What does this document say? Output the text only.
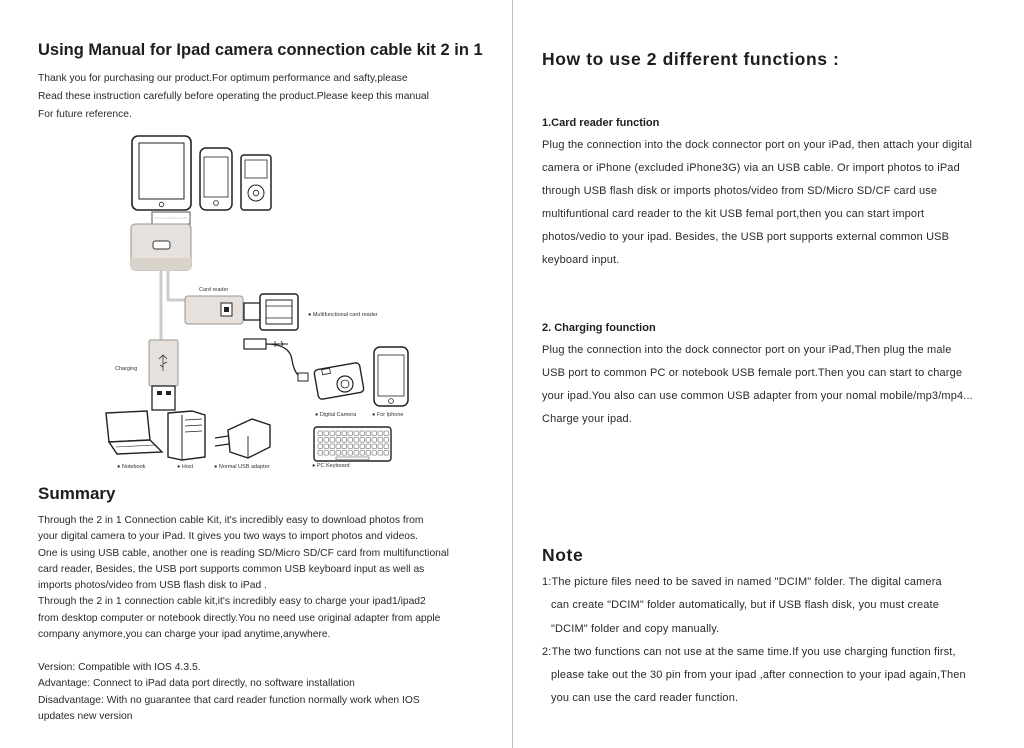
Using Manual for Ipad camera connection cable kit 2 in 1

Thank you for purchasing our product.For optimum performance and safty,please

Read these instruction carefully before operating the product.Please keep this manual

For future reference.

Card reader
● Multifunctional card reader
● Digital Camera	● For Iphone
Charging
● Notebook	● Host	● Normal USB adapter	● PC Keyboard
Summary

Through the 2 in 1 Connection cable Kit, it's incredibly easy to download photos from

your digital camera to your iPad. It gives you two ways to import photos and videos.

One is using USB cable, another one is reading SD/Micro SD/CF card from multifunctional

card reader, Besides, the USB port supports common USB keyboard input as well as

imports photos/video from USB flash disk to iPad .

Through the 2 in 1 connection cable kit,it's incredibly easy to charge your ipad1/ipad2

from desktop computer or notebook directly.You no need use original adapter from apple

company anymore,you can charge your ipad anytime,anywhere.

Version: Compatible with IOS 4.3.5.

Advantage: Connect to iPad data port directly, no software installation

Disadvantage: With no guarantee that card reader function normally work when IOS

updates new version

How to use 2 different functions :

1.Card reader function

Plug the connection into the dock connector port on your iPad, then attach your digital

camera or iPhone (excluded iPhone3G) via an USB cable. Or import photos to iPad

through USB flash disk or imports photos/video from SD/Micro SD/CF card use

multifuntional card reader to the kit USB femal port,then you can start import

photos/vedio to your ipad. Besides, the USB port supports external common USB

keyboard input.

2. Charging founction

Plug the connection into the dock connector port on your iPad,Then plug the male

USB port to common PC or notebook USB female port.Then you can start to charge

your ipad.You also can use common USB adapter from your nomal mobile/mp3/mp4...

Charge your ipad.

Note

1:The picture files need to be saved in named "DCIM" folder. The digital camera

can create "DCIM" folder automatically, but if USB flash disk, you must create

"DCIM" folder and copy manually.

2:The two functions can not use at the same time.If you use charging function first,

please take out the 30 pin from your ipad ,after connection to your ipad again,Then

you can use the card reader function.
